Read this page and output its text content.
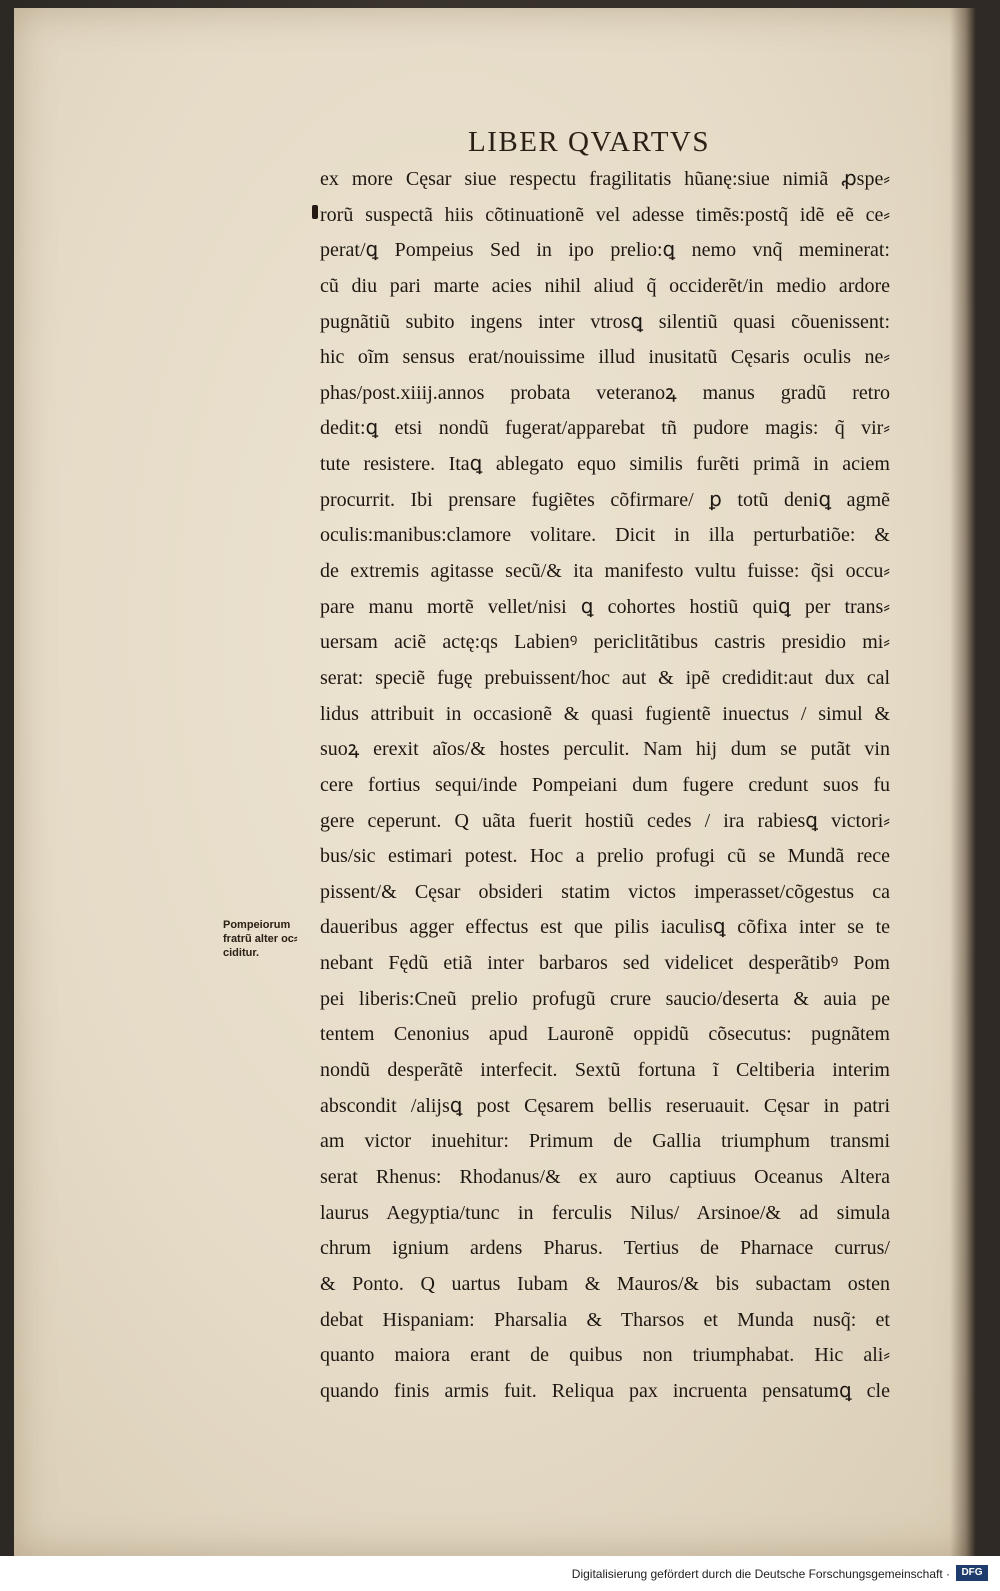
LIBER QVARTVS
ex more Cęsar siue respectu fragilitatis hũanę:siue nimiã ꝓspe⸗
rorũ suspectã hiis cõtinuationẽ vel adesse timẽs:postq̃ idẽ eẽ ce⸗
perat/ꝗ Pompeius Sed in ipo prelio:ꝗ nemo vnq̃ meminerat:
cũ diu pari marte acies nihil aliud q̃ occiderẽt/in medio ardore
pugnãtiũ subito ingens inter vtrosꝗ silentiũ quasi cõuenissent:
hic oĩm sensus erat/nouissime illud inusitatũ Cęsaris oculis ne⸗
phas/post.xiiij.annos probata veteranoꝝ manus gradũ retro
dedit:ꝗ etsi nondũ fugerat/apparebat tñ pudore magis: q̃ vir⸗
tute resistere. Itaꝗ ablegato equo similis furẽti primã in aciem
procurrit. Ibi prensare fugiẽtes cõfirmare/ ꝑ totũ deniꝗ agmẽ
oculis:manibus:clamore volitare. Dicit in illa perturbatiõe: &
de extremis agitasse secũ/& ita manifesto vultu fuisse: q̃si occu⸗
pare manu mortẽ vellet/nisi ꝗ cohortes hostiũ quiꝗ per trans⸗
uersam aciẽ actę:qs Labienꝰ periclitãtibus castris presidio mi⸗
serat: speciẽ fugę prebuissent/hoc aut & ipẽ credidit:aut dux cal
lidus attribuit in occasionẽ & quasi fugientẽ inuectus / simul &
suoꝝ erexit aĩos/& hostes perculit. Nam hij dum se putãt vin
cere fortius sequi/inde Pompeiani dum fugere credunt suos fu
gere ceperunt. Q uãta fuerit hostiũ cedes / ira rabiesꝗ victori⸗
bus/sic estimari potest. Hoc a prelio profugi cũ se Mundã rece
pissent/& Cęsar obsideri statim victos imperasset/cõgestus ca
daueribus agger effectus est que pilis iaculisꝗ cõfixa inter se te
nebant Fędũ etiã inter barbaros sed videlicet desperãtibꝰ Pom
pei liberis:Cneũ prelio profugũ crure saucio/deserta & auia pe
tentem Cenonius apud Lauronẽ oppidũ cõsecutus: pugnãtem
nondũ desperãtẽ interfecit. Sextũ fortuna ĩ Celtiberia interim
abscondit /alijsꝗ post Cęsarem bellis reseruauit. Cęsar in patri
am victor inuehitur: Primum de Gallia triumphum transmi
serat Rhenus: Rhodanus/& ex auro captiuus Oceanus Altera
laurus Aegyptia/tunc in ferculis Nilus/ Arsinoe/& ad simula
chrum ignium ardens Pharus. Tertius de Pharnace currus/
& Ponto. Q uartus Iubam & Mauros/& bis subactam osten
debat Hispaniam: Pharsalia & Tharsos et Munda nusq̃: et
quanto maiora erant de quibus non triumphabat. Hic ali⸗
quando finis armis fuit. Reliqua pax incruenta pensatumꝗ cle
Pompeiorum
fratrũ alter oc⸗
ciditur.
Digitalisierung gefördert durch die Deutsche Forschungsgemeinschaft ·	DFG
